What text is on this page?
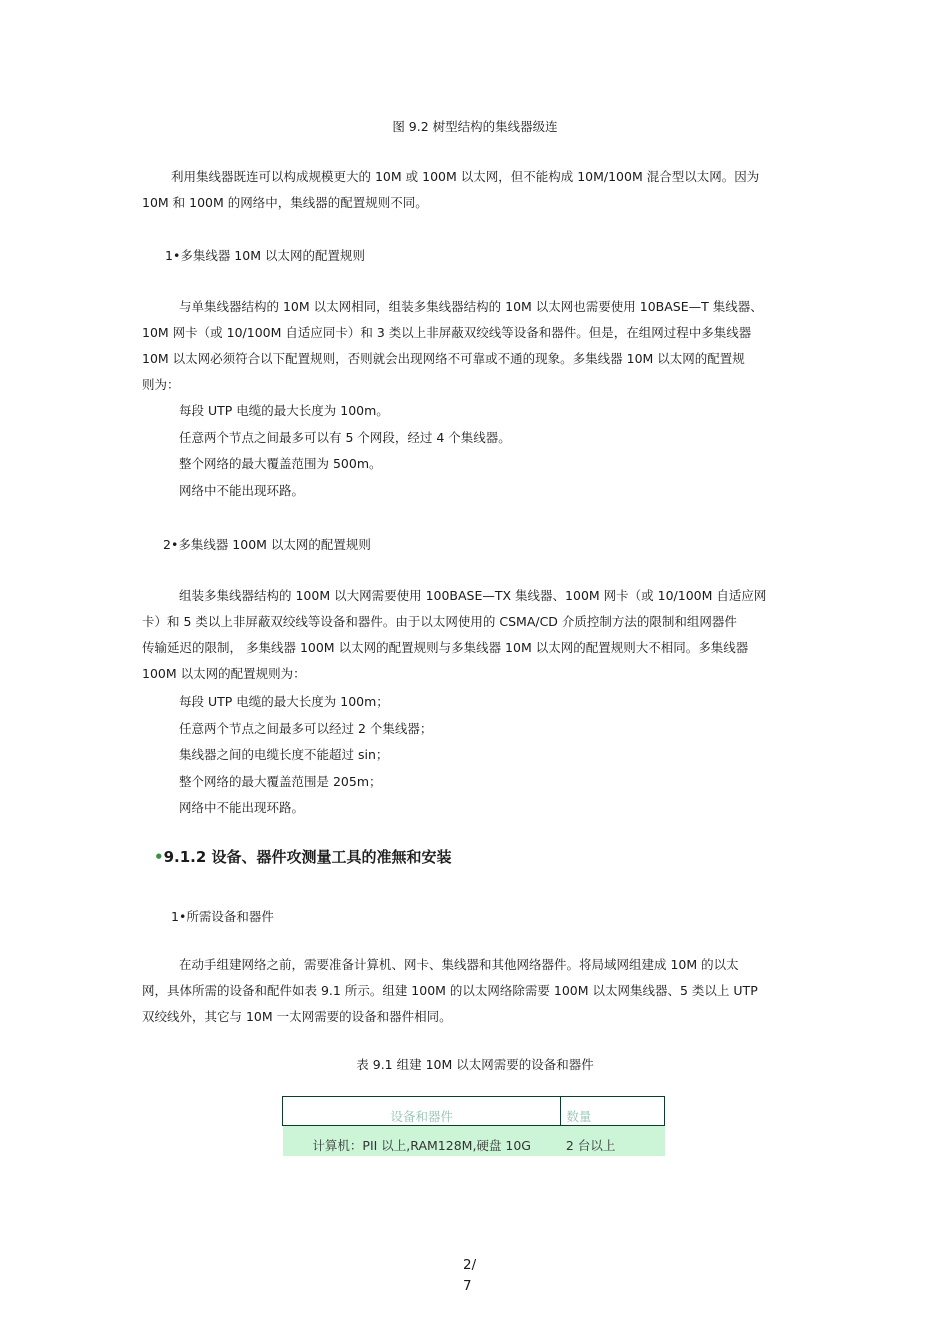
图 9.2 树型结构的集线器级连
利用集线器既连可以构成规模更大的 10M 或 100M 以太网，但不能构成 10M/100M 混合型以太网。因为
10M 和 100M 的网络中，集线器的配置规则不同。
1•多集线器 10M 以太网的配置规则
与单集线器结构的 10M 以太网相同，组装多集线器结构的 10M 以太网也需要使用 10BASE—T 集线器、
10M 网卡（或 10/100M 自适应同卡）和 3 类以上非屏蔽双绞线等设备和器件。但是，在组网过程中多集线器
10M 以太网必须符合以下配置规则，否则就会出现网络不可靠或不通的现象。多集线器 10M 以太网的配置规
则为：
每段 UTP 电缆的最大长度为 100m。
任意两个节点之间最多可以有 5 个网段，经过 4 个集线器。
整个网络的最大覆盖范围为 500m。
网络中不能出现环路。
2•多集线器 100M 以太网的配置规则
组装多集线器结构的 100M 以大网需要使用 100BASE—TX 集线器、100M 网卡（或 10/100M 自适应网
卡）和 5 类以上非屏蔽双绞线等设备和器件。由于以太网使用的 CSMA/CD 介质控制方法的限制和组网器件
传输延迟的限制， 多集线器 100M 以太网的配置规则与多集线器 10M 以太网的配置规则大不相同。多集线器
100M 以太网的配置规则为：
每段 UTP 电缆的最大长度为 100m；
任意两个节点之间最多可以经过 2 个集线器；
集线器之间的电缆长度不能超过 sin；
整个网络的最大覆盖范围是 205m；
网络中不能出现环路。
•9.1.2 设备、器件攻测量工具的准無和安装
1•所需设备和器件
在动手组建网络之前，需要准备计算机、网卡、集线器和其他网络器件。将局域网组建成 10M 的以太
网，具体所需的设备和配件如表 9.1 所示。组建 100M 的以太网络除需要 100M 以太网集线器、5 类以上 UTP
双绞线外，其它与 10M 一太网需要的设备和器件相同。
表 9.1 组建 10M 以太网需要的设备和器件
设备和器件	数量
计算机：PII 以上,RAM128M,硬盘 10G	2 台以上
2/
7
